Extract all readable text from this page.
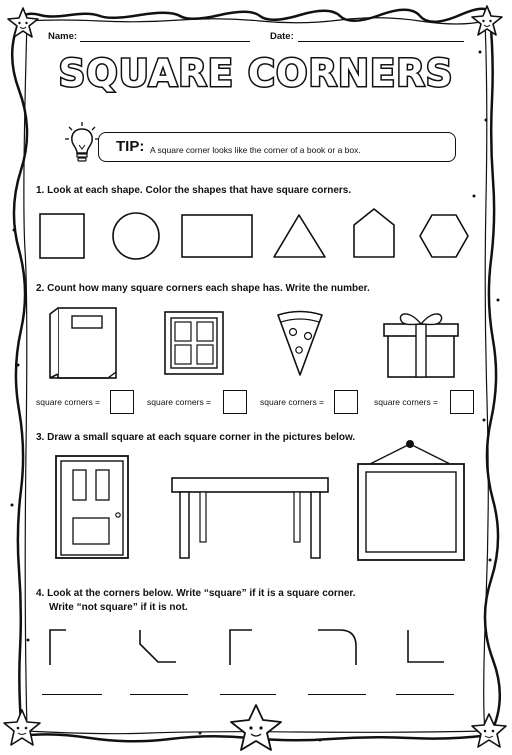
Name:	Date:
SQUARE CORNERS
TIP: A square corner looks like the corner of a book or a box.
1. Look at each shape. Color the shapes that have square corners.
2. Count how many square corners each shape has. Write the number.
square corners =	square corners =	square corners =	square corners =
3. Draw a small square at each square corner in the pictures below.
4. Look at the corners below. Write “square” if it is a square corner.
Write “not square” if it is not.
